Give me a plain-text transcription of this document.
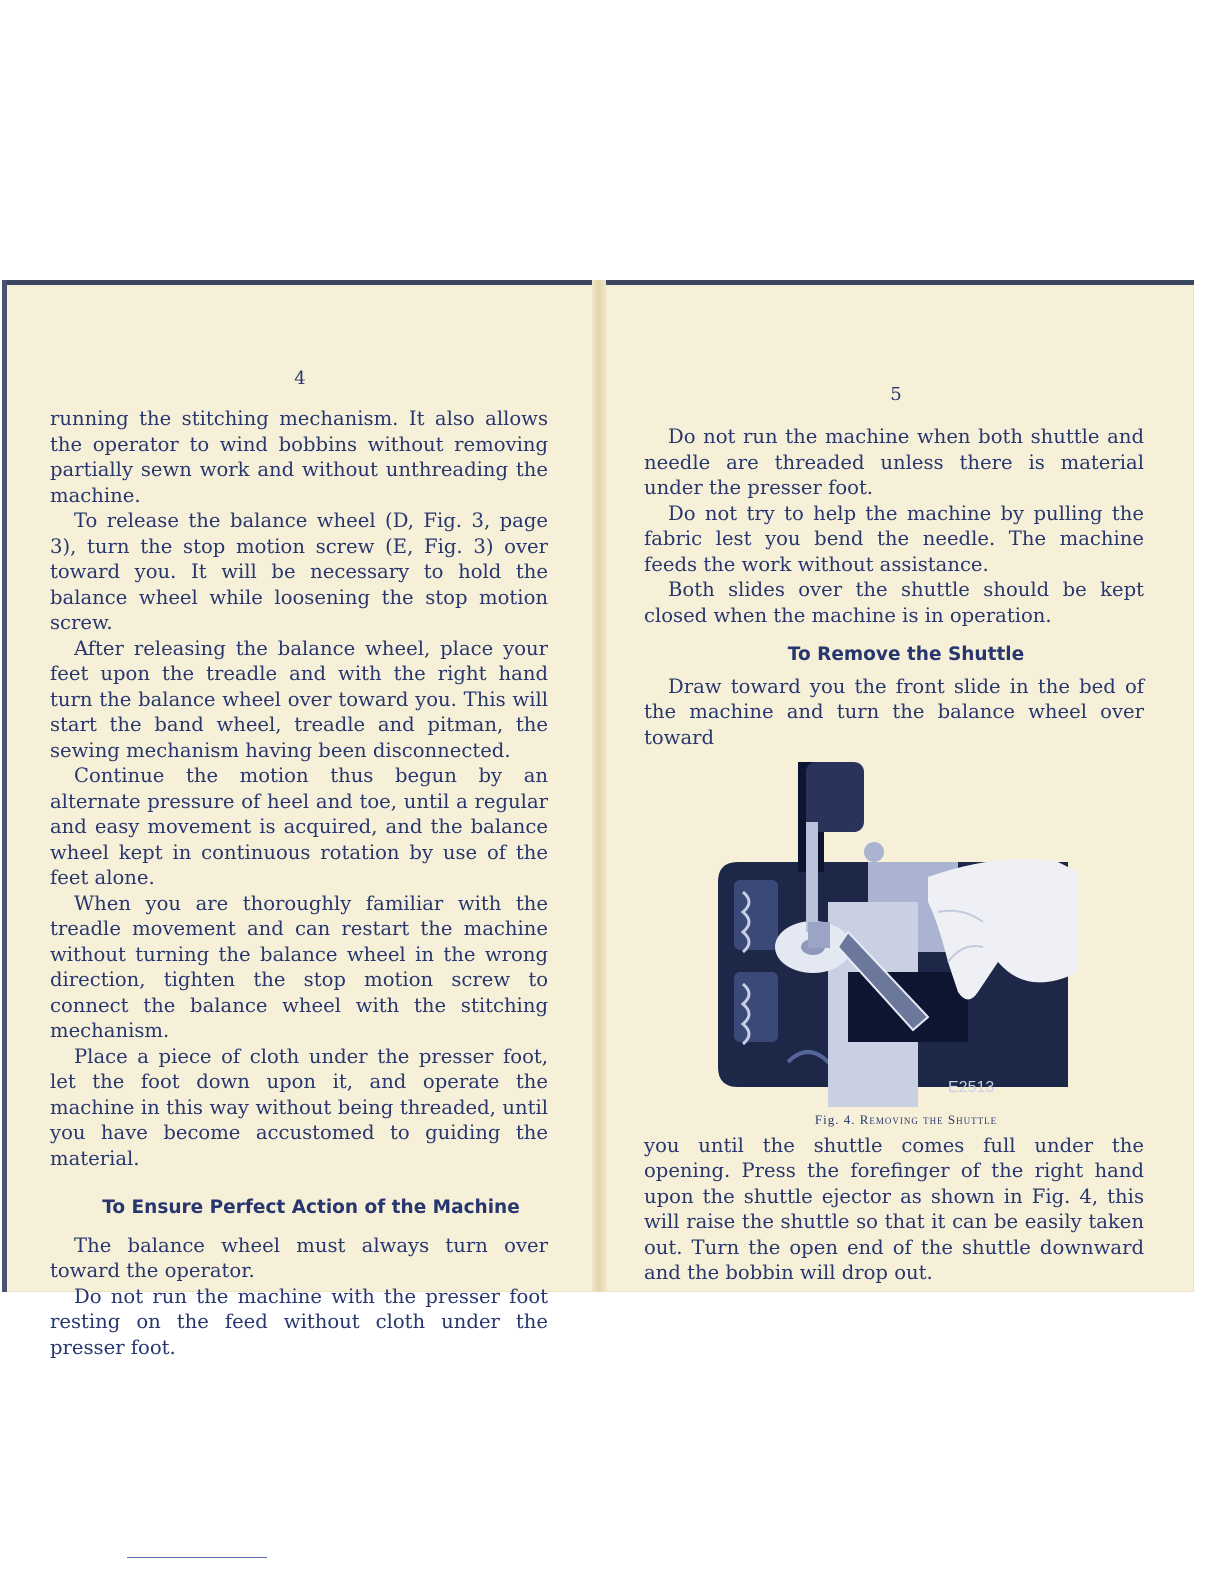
4

running the stitching mechanism. It also allows the operator to wind bobbins without removing partially sewn work and without unthreading the machine.

To release the balance wheel (D, Fig. 3, page 3), turn the stop motion screw (E, Fig. 3) over toward you. It will be necessary to hold the balance wheel while loosening the stop motion screw.

After releasing the balance wheel, place your feet upon the treadle and with the right hand turn the balance wheel over toward you. This will start the band wheel, treadle and pitman, the sewing mechanism having been disconnected.

Continue the motion thus begun by an alternate pressure of heel and toe, until a regular and easy movement is acquired, and the balance wheel kept in continuous rotation by use of the feet alone.

When you are thoroughly familiar with the treadle movement and can restart the machine without turning the balance wheel in the wrong direction, tighten the stop motion screw to connect the balance wheel with the stitching mechanism.

Place a piece of cloth under the presser foot, let the foot down upon it, and operate the machine in this way without being threaded, until you have become accustomed to guiding the material.

To Ensure Perfect Action of the Machine

The balance wheel must always turn over toward the operator.

Do not run the machine with the presser foot resting on the feed without cloth under the presser foot.

5

Do not run the machine when both shuttle and needle are threaded unless there is material under the presser foot.

Do not try to help the machine by pulling the fabric lest you bend the needle. The machine feeds the work without assistance.

Both slides over the shuttle should be kept closed when the machine is in operation.

To Remove the Shuttle

Draw toward you the front slide in the bed of the machine and turn the balance wheel over toward

E2513

Fig. 4. Removing the Shuttle

you until the shuttle comes full under the opening. Press the forefinger of the right hand upon the shuttle ejector as shown in Fig. 4, this will raise the shuttle so that it can be easily taken out. Turn the open end of the shuttle downward and the bobbin will drop out.
